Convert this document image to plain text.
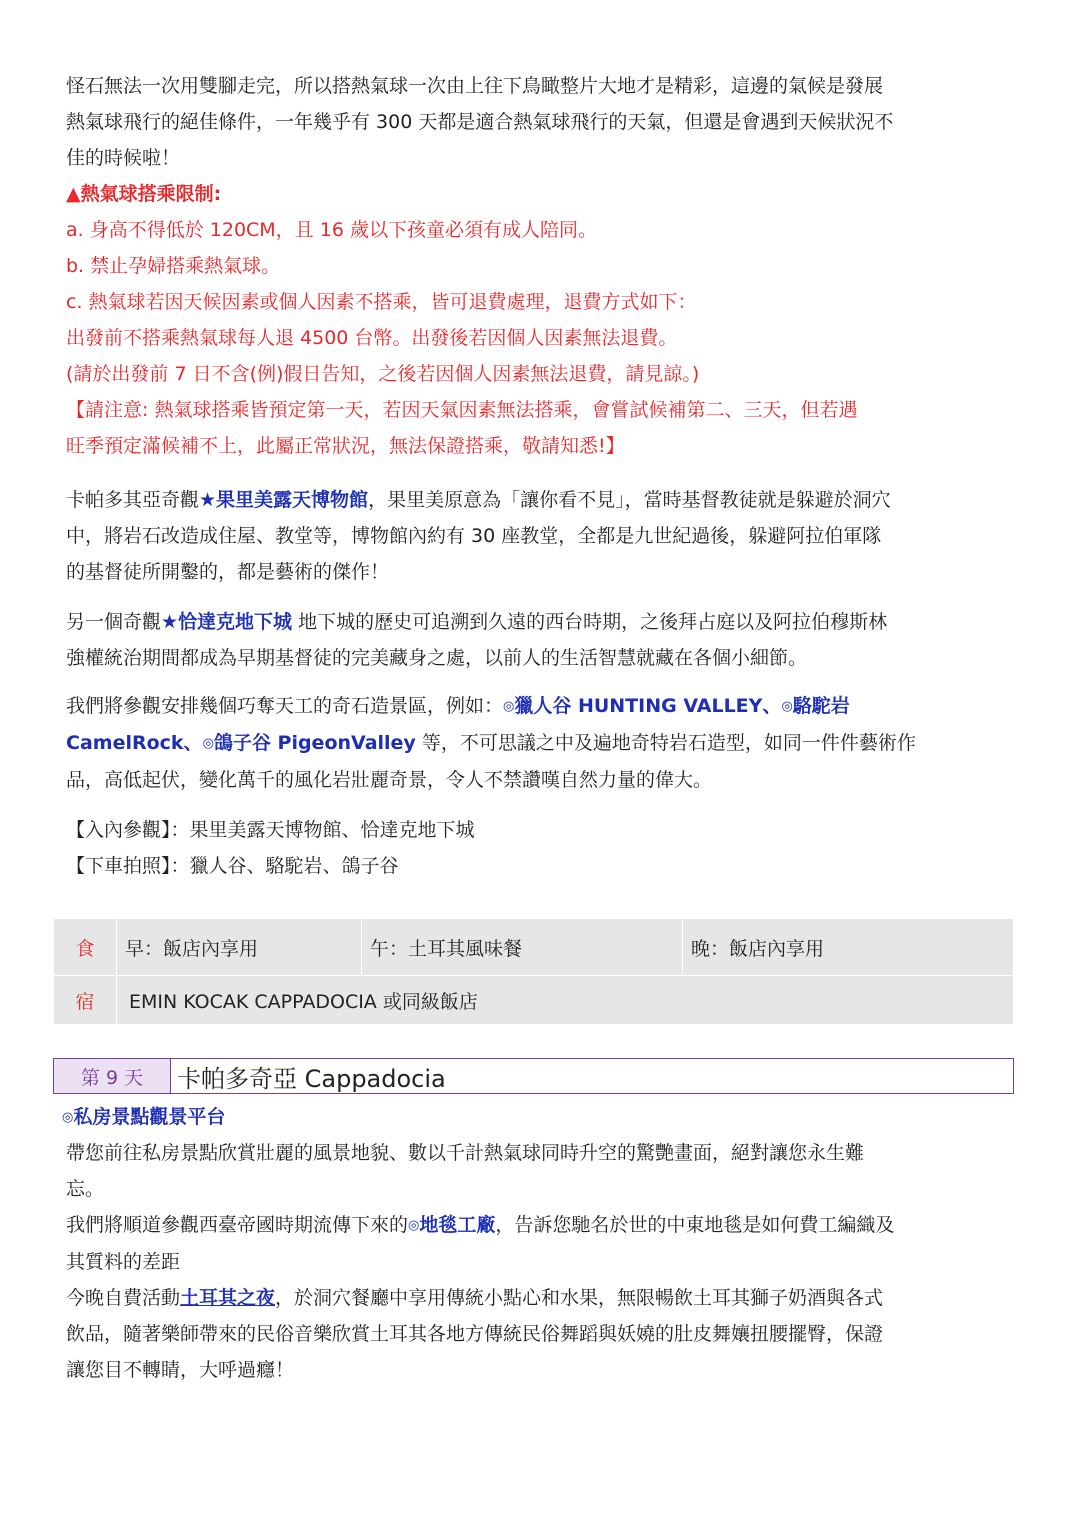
怪石無法一次用雙腳走完，所以搭熱氣球一次由上往下鳥瞰整片大地才是精彩，這邊的氣候是發展
熱氣球飛行的絕佳條件，一年幾乎有 300 天都是適合熱氣球飛行的天氣，但還是會遇到天候狀況不
佳的時候啦！
▲熱氣球搭乘限制:
a. 身高不得低於 120CM，且 16 歲以下孩童必須有成人陪同。
b. 禁止孕婦搭乘熱氣球。
c. 熱氣球若因天候因素或個人因素不搭乘，皆可退費處理，退費方式如下：
出發前不搭乘熱氣球每人退 4500 台幣。出發後若因個人因素無法退費。
(請於出發前 7 日不含(例)假日告知，之後若因個人因素無法退費，請見諒。)
【請注意: 熱氣球搭乘皆預定第一天，若因天氣因素無法搭乘，會嘗試候補第二、三天，但若遇
旺季預定滿候補不上，此屬正常狀況，無法保證搭乘，敬請知悉!】
卡帕多其亞奇觀★果里美露天博物館，果里美原意為「讓你看不見」，當時基督教徒就是躲避於洞穴
中，將岩石改造成住屋、教堂等，博物館內約有 30 座教堂，全都是九世紀過後，躲避阿拉伯軍隊
的基督徒所開鑿的，都是藝術的傑作！
另一個奇觀★恰達克地下城 地下城的歷史可追溯到久遠的西台時期，之後拜占庭以及阿拉伯穆斯林
強權統治期間都成為早期基督徒的完美藏身之處，以前人的生活智慧就藏在各個小細節。
我們將參觀安排幾個巧奪天工的奇石造景區，例如：◎獵人谷 HUNTING VALLEY、◎駱駝岩
CamelRock、◎鴿子谷 PigeonValley 等，不可思議之中及遍地奇特岩石造型，如同一件件藝術作
品，高低起伏，變化萬千的風化岩壯麗奇景，令人不禁讚嘆自然力量的偉大。
【入內參觀】：果里美露天博物館、恰達克地下城
【下車拍照】：獵人谷、駱駝岩、鴿子谷
食	早：飯店內享用	午：土耳其風味餐	晚：飯店內享用
宿	EMIN KOCAK CAPPADOCIA 或同級飯店		
第 9 天	卡帕多奇亞 Cappadocia
◎私房景點觀景平台
帶您前往私房景點欣賞壯麗的風景地貌、數以千計熱氣球同時升空的驚艷畫面，絕對讓您永生難
忘。
我們將順道參觀西臺帝國時期流傳下來的◎地毯工廠，告訴您馳名於世的中東地毯是如何費工編織及
其質料的差距
今晚自費活動土耳其之夜，於洞穴餐廳中享用傳統小點心和水果，無限暢飲土耳其獅子奶酒與各式
飲品，隨著樂師帶來的民俗音樂欣賞土耳其各地方傳統民俗舞蹈與妖嬈的肚皮舞孃扭腰擺臀，保證
讓您目不轉睛，大呼過癮！
